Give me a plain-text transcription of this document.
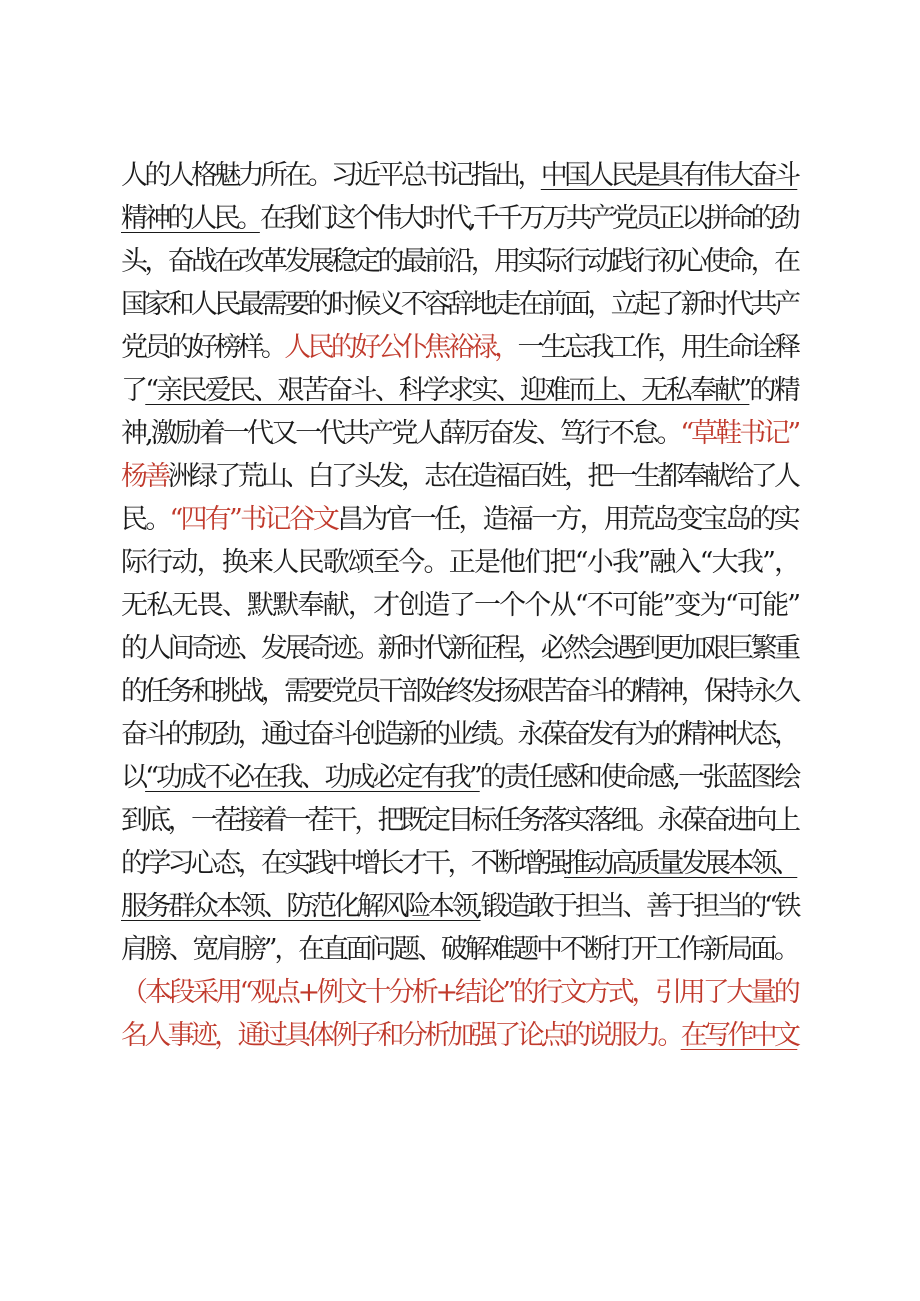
人的人格魅力所在。习近平总书记指出，中国人民是具有伟大奋斗
精神的人民。在我们这个伟大时代,千千万万共产党员正以拼命的劲
头，奋战在改革发展稳定的最前沿，用实际行动践行初心使命，在
国家和人民最需要的时候义不容辞地走在前面，立起了新时代共产
党员的好榜样。人民的好公仆焦裕禄，一生忘我工作，用生命诠释
了“亲民爱民、艰苦奋斗、科学求实、迎难而上、无私奉献”的精
神,激励着一代又一代共产党人薛厉奋发、笃行不怠。“草鞋书记”
杨善洲绿了荒山、白了头发，志在造福百姓，把一生都奉献给了人
民。“四有”书记谷文昌为官一任，造福一方，用荒岛变宝岛的实
际行动，换来人民歌颂至今。正是他们把“小我”融入“大我”，
无私无畏、默默奉献，才创造了一个个从“不可能”变为“可能”
的人间奇迹、发展奇迹。新时代新征程，必然会遇到更加艰巨繁重
的任务和挑战，需要党员干部始终发扬艰苦奋斗的精神，保持永久
奋斗的韧劲，通过奋斗创造新的业绩。永葆奋发有为的精神状态，
以“功成不必在我、功成必定有我”的责任感和使命感,一张蓝图绘
到底，一茬接着一茬干，把既定目标任务落实落细。永葆奋进向上
的学习心态，在实践中增长才干，不断增强推动高质量发展本领、
服务群众本领、防范化解风险本领,锻造敢于担当、善于担当的“铁
肩膀、宽肩膀”，在直面问题、破解难题中不断打开工作新局面。
（本段采用“观点+例文十分析+结论”的行文方式，引用了大量的
名人事迹，通过具体例子和分析加强了论点的说服力。在写作中文
